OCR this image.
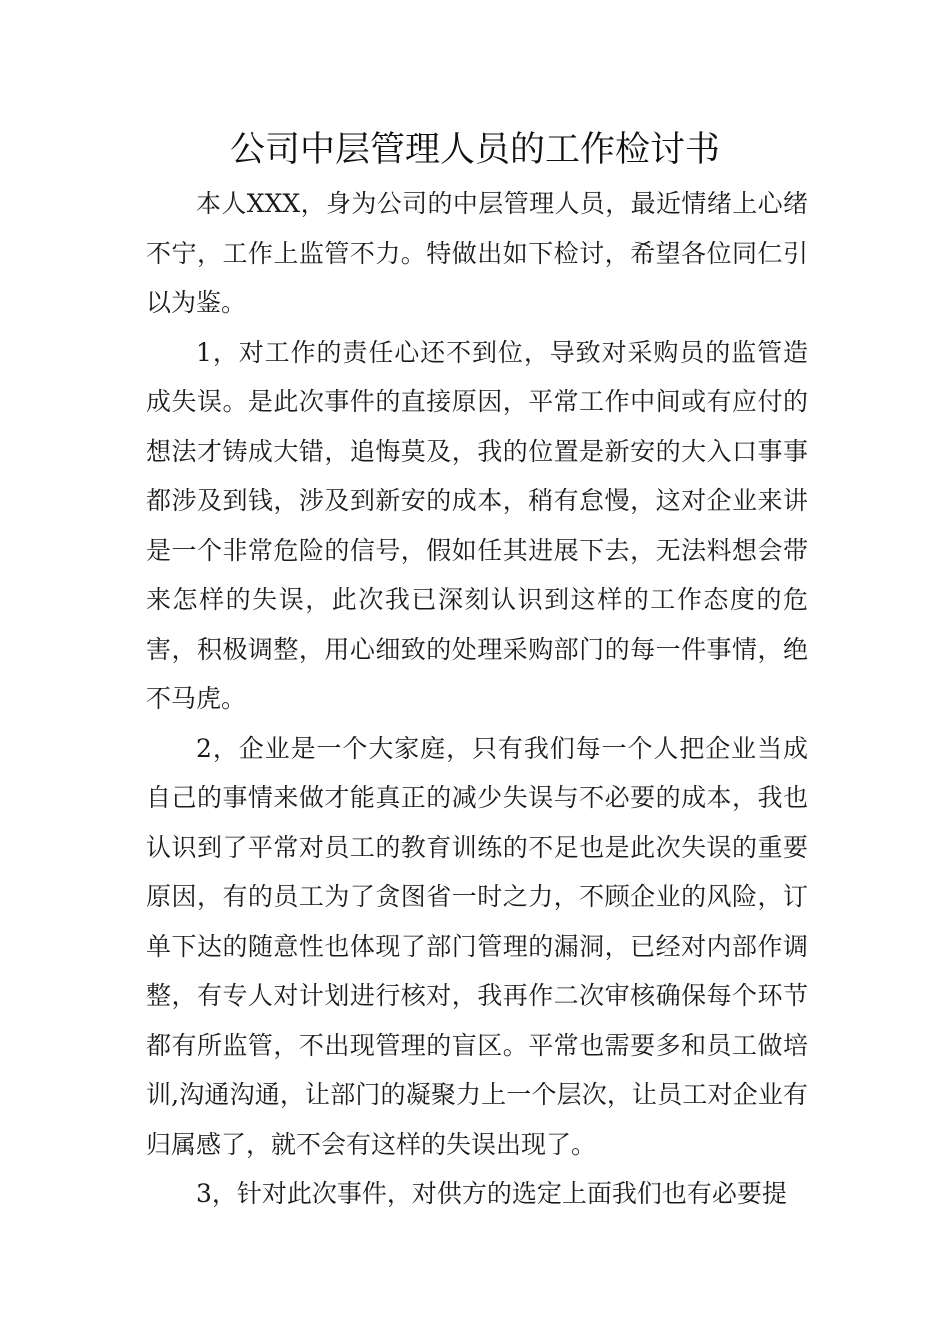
公司中层管理人员的工作检讨书

本人XXX，身为公司的中层管理人员，最近情绪上心绪不宁，工作上监管不力。特做出如下检讨，希望各位同仁引以为鉴。

1，对工作的责任心还不到位，导致对采购员的监管造成失误。是此次事件的直接原因，平常工作中间或有应付的想法才铸成大错，追悔莫及，我的位置是新安的大入口事事都涉及到钱，涉及到新安的成本，稍有怠慢，这对企业来讲是一个非常危险的信号，假如任其进展下去，无法料想会带来怎样的失误，此次我已深刻认识到这样的工作态度的危害，积极调整，用心细致的处理采购部门的每一件事情，绝不马虎。

2，企业是一个大家庭，只有我们每一个人把企业当成自己的事情来做才能真正的减少失误与不必要的成本，我也认识到了平常对员工的教育训练的不足也是此次失误的重要原因，有的员工为了贪图省一时之力，不顾企业的风险，订单下达的随意性也体现了部门管理的漏洞，已经对内部作调整，有专人对计划进行核对，我再作二次审核确保每个环节都有所监管，不出现管理的盲区。平常也需要多和员工做培训,沟通沟通，让部门的凝聚力上一个层次，让员工对企业有归属感了，就不会有这样的失误出现了。

3，针对此次事件，对供方的选定上面我们也有必要提
